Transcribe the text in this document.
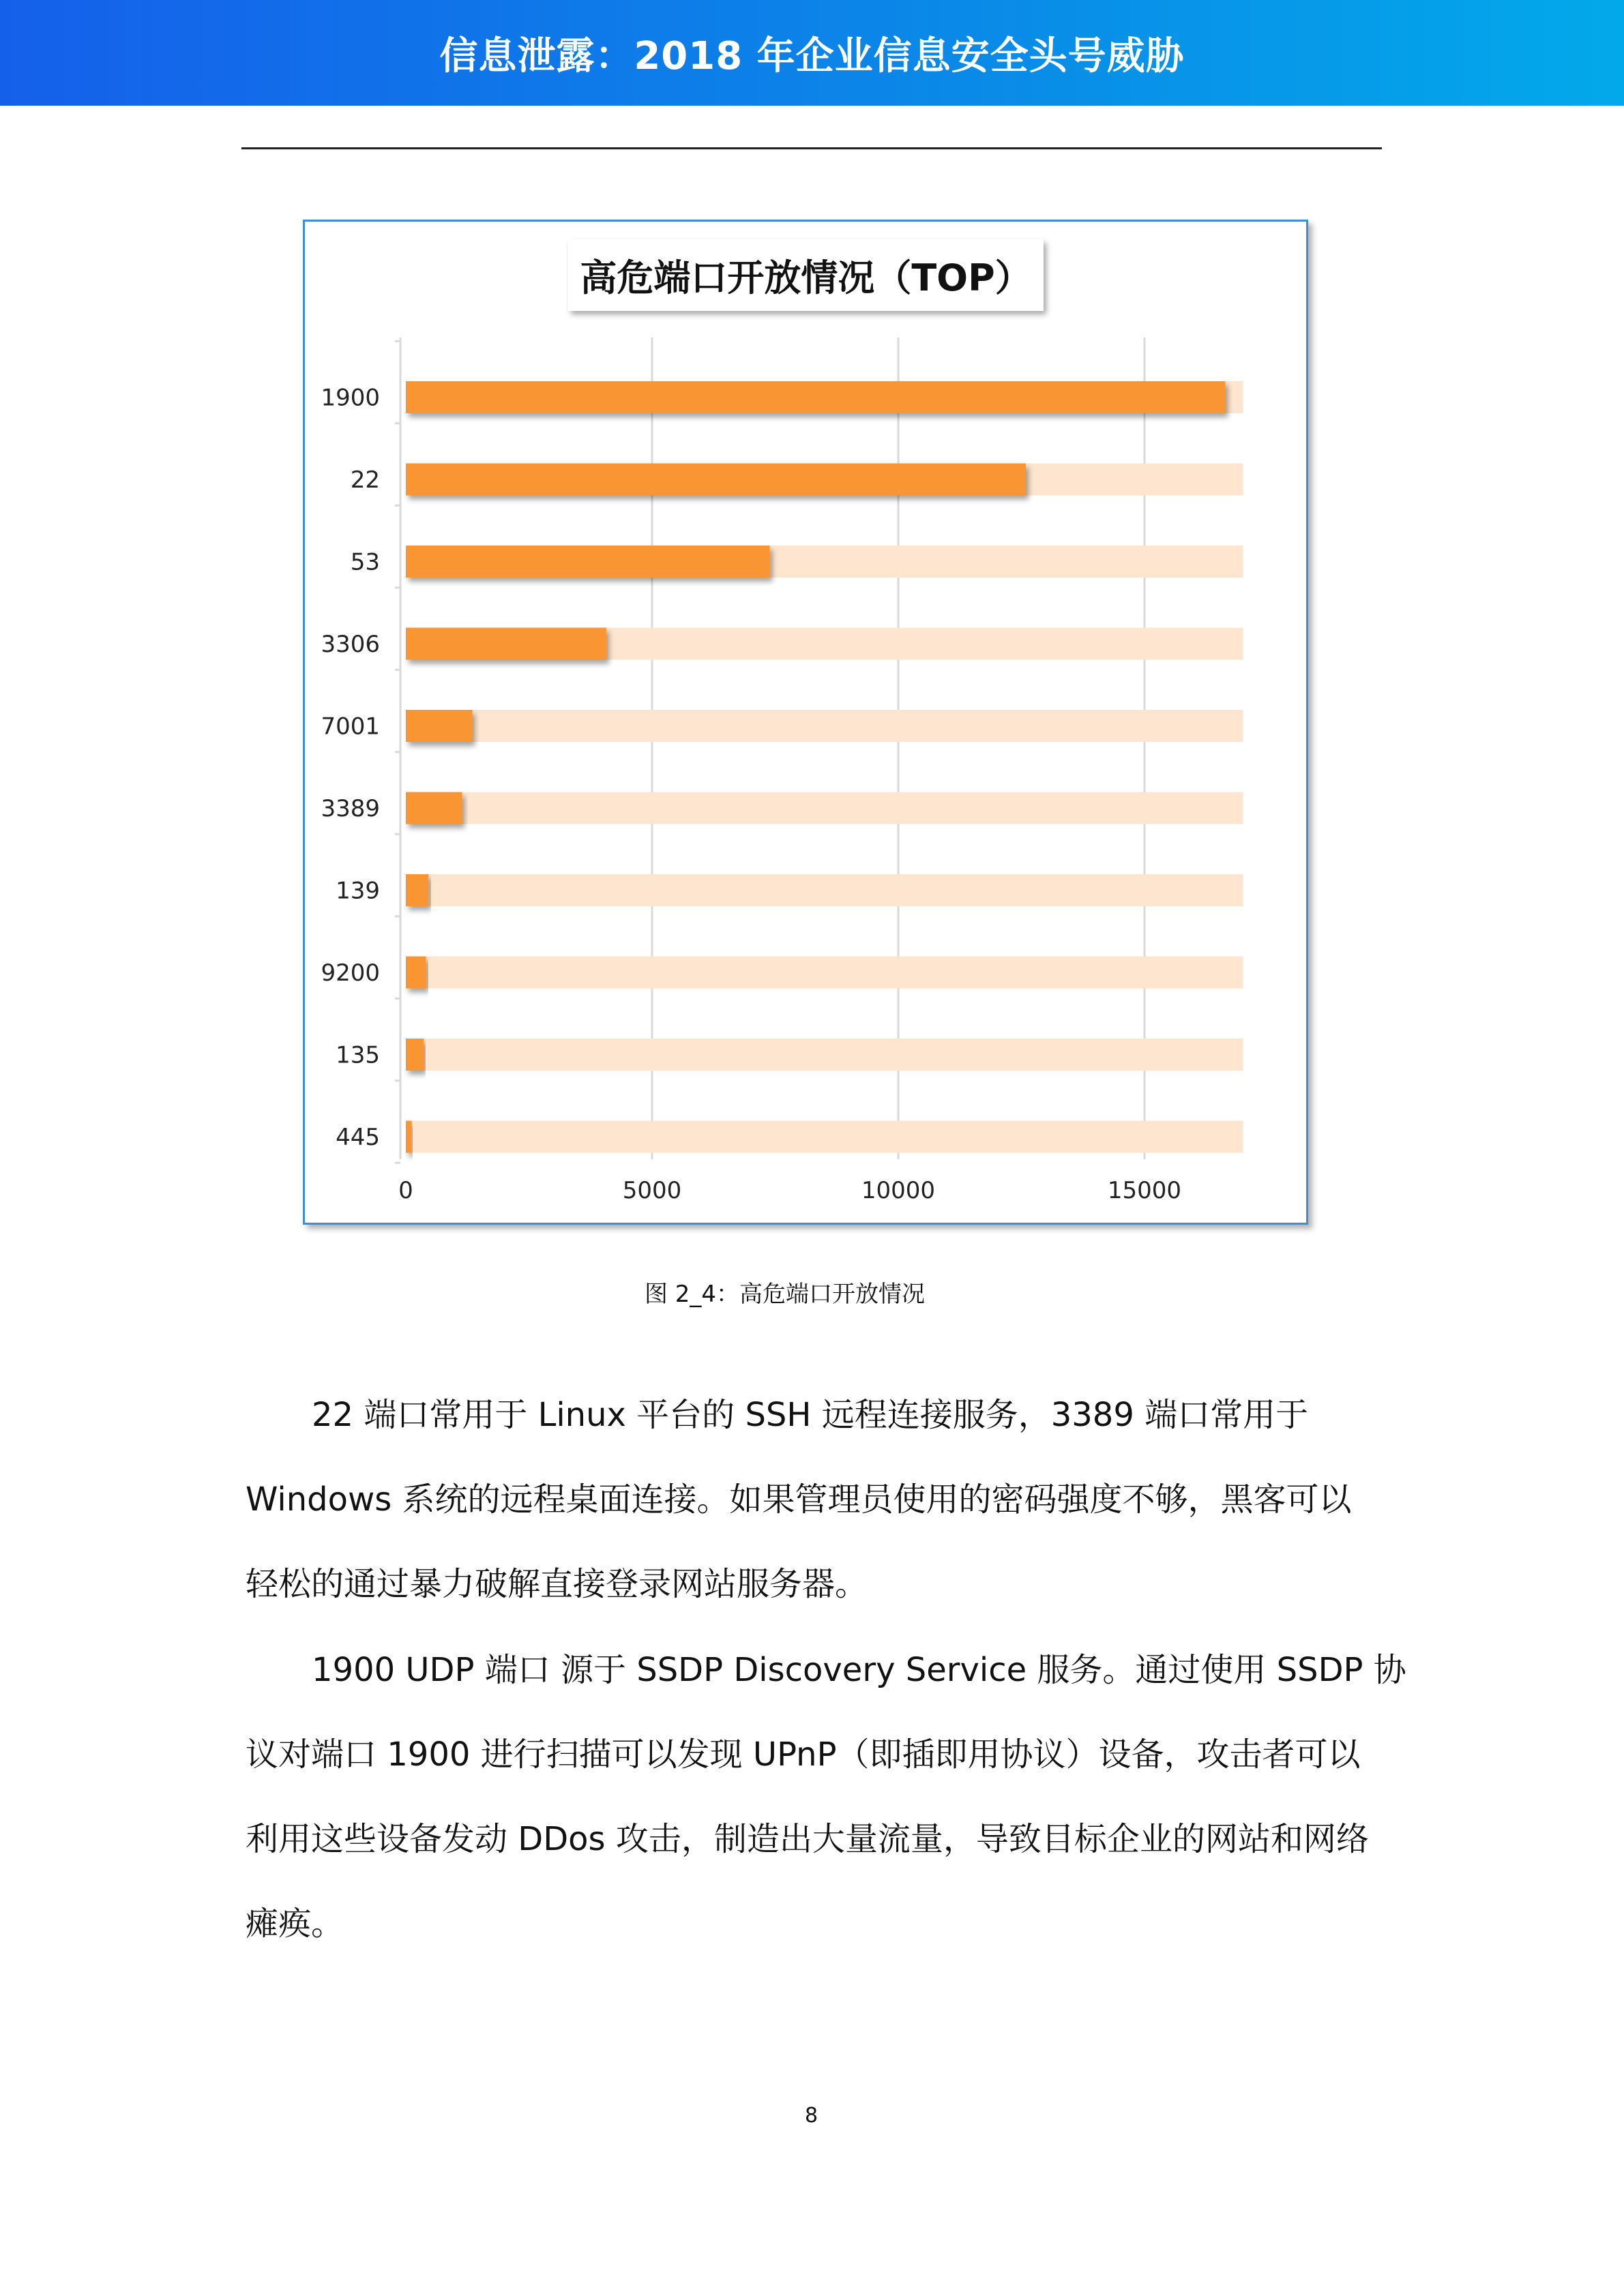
信息泄露：2018 年企业信息安全头号威胁
0	5000	10000	15000
1900
22
53
3306
7001
3389
139
9200
135
445
高危端口开放情况（TOP）
图 2_4：高危端口开放情况
22 端口常用于 Linux 平台的 SSH 远程连接服务，3389 端口常用于
Windows 系统的远程桌面连接。如果管理员使用的密码强度不够，黑客可以
轻松的通过暴力破解直接登录网站服务器。
1900 UDP 端口 源于 SSDP Discovery Service 服务。通过使用 SSDP 协
议对端口 1900 进行扫描可以发现 UPnP（即插即用协议）设备，攻击者可以
利用这些设备发动 DDos 攻击，制造出大量流量，导致目标企业的网站和网络
瘫痪。
8
